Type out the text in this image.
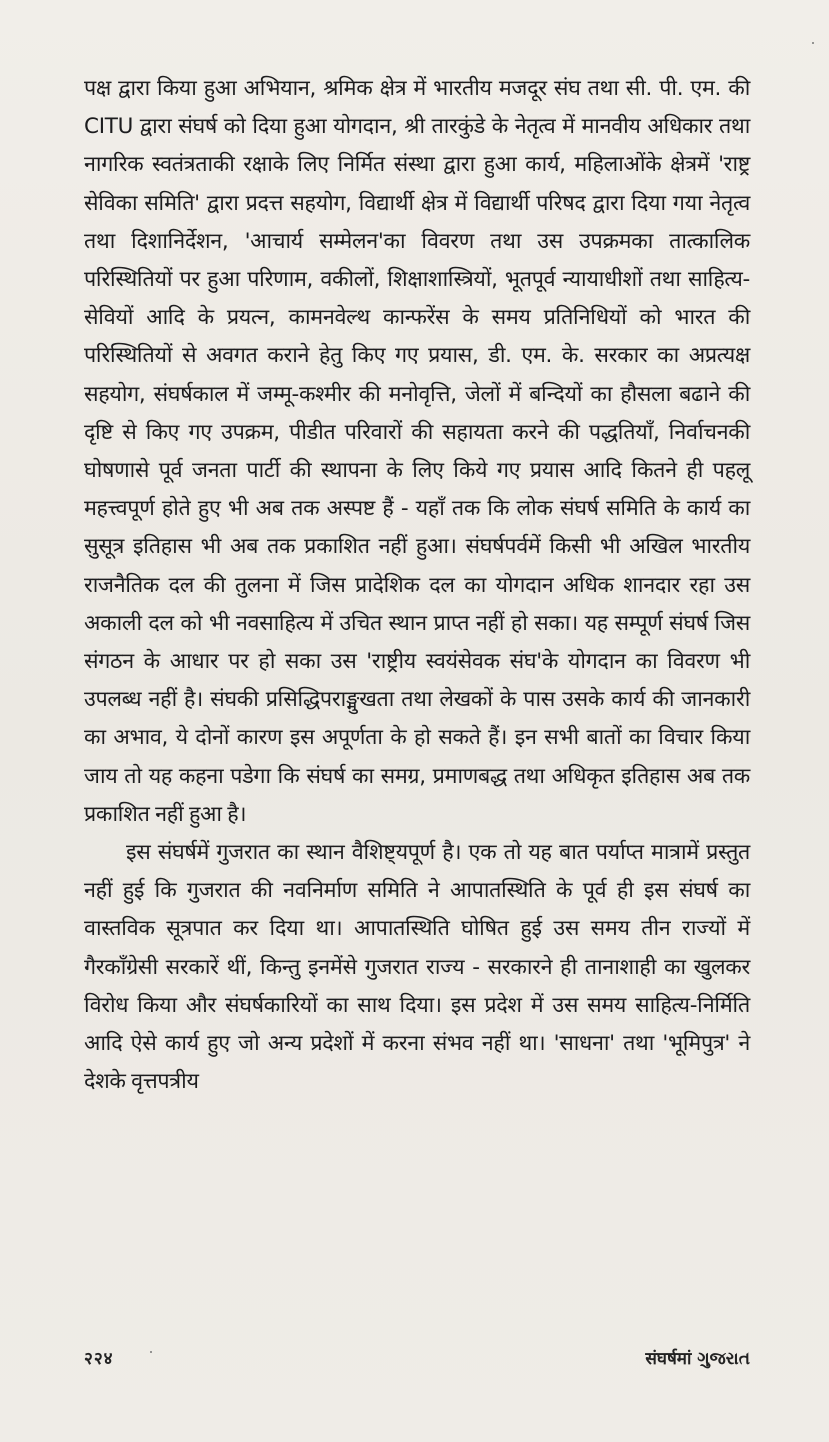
पक्ष द्वारा किया हुआ अभियान, श्रमिक क्षेत्र में भारतीय मजदूर संघ तथा सी. पी. एम. की CITU द्वारा संघर्ष को दिया हुआ योगदान, श्री तारकुंडे के नेतृत्व में मानवीय अधिकार तथा नागरिक स्वतंत्रताकी रक्षाके लिए निर्मित संस्था द्वारा हुआ कार्य, महिलाओंके क्षेत्रमें 'राष्ट्र सेविका समिति' द्वारा प्रदत्त सहयोग, विद्यार्थी क्षेत्र में विद्यार्थी परिषद द्वारा दिया गया नेतृत्व तथा दिशानिर्देशन, 'आचार्य सम्मेलन'का विवरण तथा उस उपक्रमका तात्कालिक परिस्थितियों पर हुआ परिणाम, वकीलों, शिक्षाशास्त्रियों, भूतपूर्व न्यायाधीशों तथा साहित्य-सेवियों आदि के प्रयत्न, कामनवेल्थ कान्फरेंस के समय प्रतिनिधियों को भारत की परिस्थितियों से अवगत कराने हेतु किए गए प्रयास, डी. एम. के. सरकार का अप्रत्यक्ष सहयोग, संघर्षकाल में जम्मू-कश्मीर की मनोवृत्ति, जेलों में बन्दियों का हौसला बढाने की दृष्टि से किए गए उपक्रम, पीडीत परिवारों की सहायता करने की पद्धतियाँ, निर्वाचनकी घोषणासे पूर्व जनता पार्टी की स्थापना के लिए किये गए प्रयास आदि कितने ही पहलू महत्त्वपूर्ण होते हुए भी अब तक अस्पष्ट हैं - यहाँ तक कि लोक संघर्ष समिति के कार्य का सुसूत्र इतिहास भी अब तक प्रकाशित नहीं हुआ। संघर्षपर्वमें किसी भी अखिल भारतीय राजनैतिक दल की तुलना में जिस प्रादेशिक दल का योगदान अधिक शानदार रहा उस अकाली दल को भी नवसाहित्य में उचित स्थान प्राप्त नहीं हो सका। यह सम्पूर्ण संघर्ष जिस संगठन के आधार पर हो सका उस 'राष्ट्रीय स्वयंसेवक संघ'के योगदान का विवरण भी उपलब्ध नहीं है। संघकी प्रसिद्धिपराङ्मुखता तथा लेखकों के पास उसके कार्य की जानकारी का अभाव, ये दोनों कारण इस अपूर्णता के हो सकते हैं। इन सभी बातों का विचार किया जाय तो यह कहना पडेगा कि संघर्ष का समग्र, प्रमाणबद्ध तथा अधिकृत इतिहास अब तक प्रकाशित नहीं हुआ है।

इस संघर्षमें गुजरात का स्थान वैशिष्ट्यपूर्ण है। एक तो यह बात पर्याप्त मात्रामें प्रस्तुत नहीं हुई कि गुजरात की नवनिर्माण समिति ने आपातस्थिति के पूर्व ही इस संघर्ष का वास्तविक सूत्रपात कर दिया था। आपातस्थिति घोषित हुई उस समय तीन राज्यों में गैरकाँग्रेसी सरकारें थीं, किन्तु इनमेंसे गुजरात राज्य - सरकारने ही तानाशाही का खुलकर विरोध किया और संघर्षकारियों का साथ दिया। इस प्रदेश में उस समय साहित्य-निर्मिति आदि ऐसे कार्य हुए जो अन्य प्रदेशों में करना संभव नहीं था। 'साधना' तथा 'भूमिपुत्र' ने देशके वृत्तपत्रीय

२२४	संघर्षमां ગુજરાત
